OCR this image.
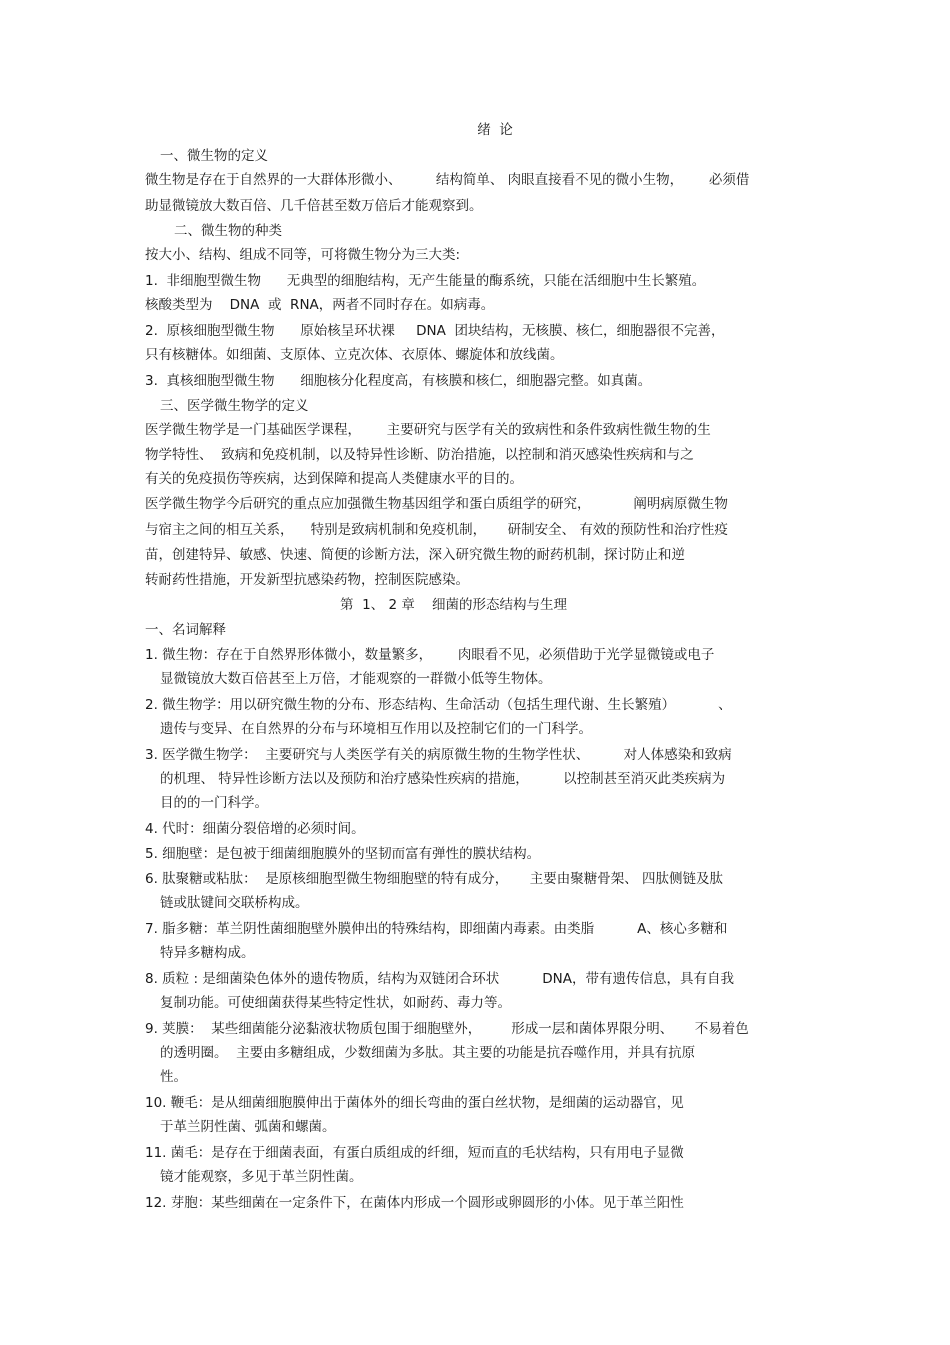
绪  论
一、微生物的定义
微生物是存在于自然界的一大群体形微小、        结构简单、 肉眼直接看不见的微小生物，      必须借
助显微镜放大数百倍、几千倍甚至数万倍后才能观察到。
二、微生物的种类
按大小、结构、组成不同等，可将微生物分为三大类:
1.  非细胞型微生物      无典型的细胞结构，无产生能量的酶系统，只能在活细胞中生长繁殖。
核酸类型为    DNA  或  RNA，两者不同时存在。如病毒。
2.  原核细胞型微生物      原始核呈环状裸     DNA  团块结构，无核膜、核仁，细胞器很不完善，
只有核糖体。如细菌、支原体、立克次体、衣原体、螺旋体和放线菌。
3.  真核细胞型微生物      细胞核分化程度高，有核膜和核仁，细胞器完整。如真菌。
三、医学微生物学的定义
医学微生物学是一门基础医学课程，      主要研究与医学有关的致病性和条件致病性微生物的生
物学特性、  致病和免疫机制，以及特异性诊断、防治措施，以控制和消灭感染性疾病和与之
有关的免疫损伤等疾病，达到保障和提高人类健康水平的目的。
医学微生物学今后研究的重点应加强微生物基因组学和蛋白质组学的研究，          阐明病原微生物
与宿主之间的相互关系，    特别是致病机制和免疫机制，     研制安全、 有效的预防性和治疗性疫
苗，创建特异、敏感、快速、简便的诊断方法，深入研究微生物的耐药机制，探讨防止和逆
转耐药性措施，开发新型抗感染药物，控制医院感染。
第  1、 2 章    细菌的形态结构与生理
一、名词解释
1. 微生物：存在于自然界形体微小，数量繁多，      肉眼看不见，必须借助于光学显微镜或电子
显微镜放大数百倍甚至上万倍，才能观察的一群微小低等生物体。
2. 微生物学：用以研究微生物的分布、形态结构、生命活动（包括生理代谢、生长繁殖）          、
遗传与变异、在自然界的分布与环境相互作用以及控制它们的一门科学。
3. 医学微生物学：  主要研究与人类医学有关的病原微生物的生物学性状、        对人体感染和致病
的机理、 特异性诊断方法以及预防和治疗感染性疾病的措施，        以控制甚至消灭此类疾病为
目的的一门科学。
4. 代时：细菌分裂倍增的必须时间。
5. 细胞壁：是包被于细菌细胞膜外的坚韧而富有弹性的膜状结构。
6. 肽聚糖或粘肽：  是原核细胞型微生物细胞壁的特有成分，     主要由聚糖骨架、 四肽侧链及肽
链或肽键间交联桥构成。
7. 脂多糖：革兰阴性菌细胞壁外膜伸出的特殊结构，即细菌内毒素。由类脂          A、核心多糖和
特异多糖构成。
8. 质粒 : 是细菌染色体外的遗传物质，结构为双链闭合环状          DNA，带有遗传信息，具有自我
复制功能。可使细菌获得某些特定性状，如耐药、毒力等。
9. 荚膜：  某些细菌能分泌黏液状物质包围于细胞壁外，       形成一层和菌体界限分明、     不易着色
的透明圈。  主要由多糖组成，少数细菌为多肽。其主要的功能是抗吞噬作用，并具有抗原
性。
10. 鞭毛：是从细菌细胞膜伸出于菌体外的细长弯曲的蛋白丝状物，是细菌的运动器官，见
于革兰阴性菌、弧菌和螺菌。
11. 菌毛：是存在于细菌表面，有蛋白质组成的纤细，短而直的毛状结构，只有用电子显微
镜才能观察，多见于革兰阴性菌。
12. 芽胞：某些细菌在一定条件下，在菌体内形成一个圆形或卵圆形的小体。见于革兰阳性
